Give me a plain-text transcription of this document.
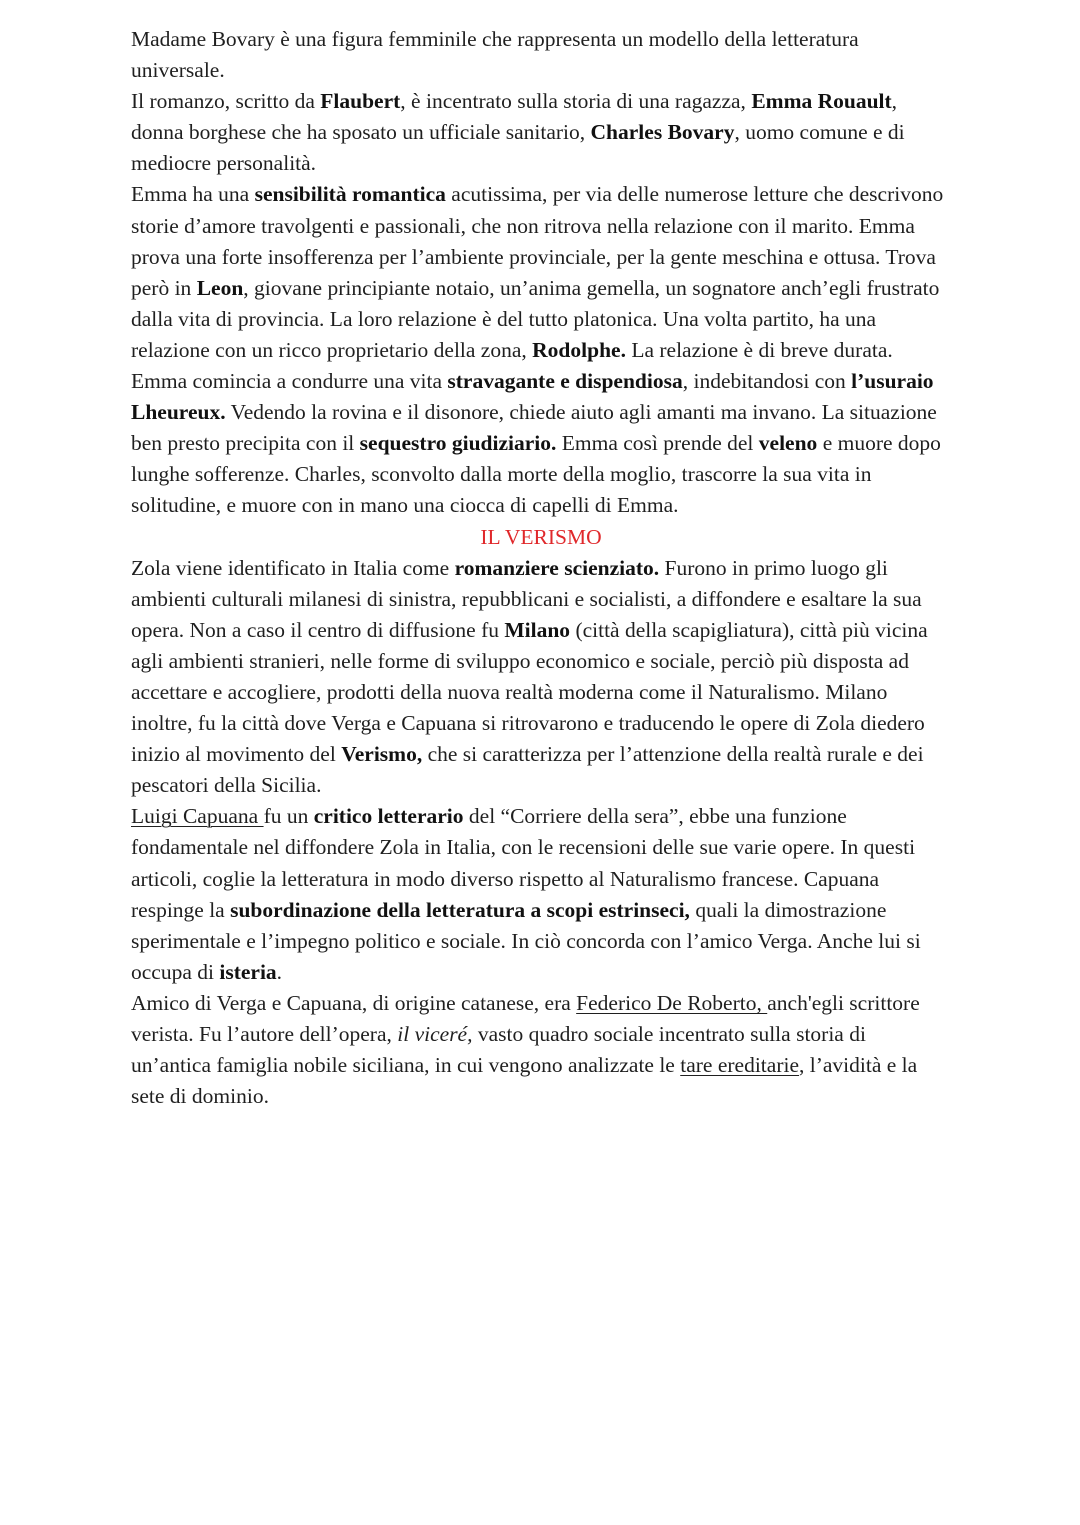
Madame Bovary è una figura femminile che rappresenta un modello della letteratura universale.

Il romanzo, scritto da Flaubert, è incentrato sulla storia di una ragazza, Emma Rouault, donna borghese che ha sposato un ufficiale sanitario, Charles Bovary, uomo comune e di mediocre personalità.

Emma ha una sensibilità romantica acutissima, per via delle numerose letture che descrivono storie d’amore travolgenti e passionali, che non ritrova nella relazione con il marito. Emma prova una forte insofferenza per l’ambiente provinciale, per la gente meschina e ottusa. Trova però in Leon, giovane principiante notaio, un’anima gemella, un sognatore anch’egli frustrato dalla vita di provincia. La loro relazione è del tutto platonica. Una volta partito, ha una relazione con un ricco proprietario della zona, Rodolphe. La relazione è di breve durata. Emma comincia a condurre una vita stravagante e dispendiosa, indebitandosi con l’usuraio Lheureux. Vedendo la rovina e il disonore, chiede aiuto agli amanti ma invano. La situazione ben presto precipita con il sequestro giudiziario. Emma così prende del veleno e muore dopo lunghe sofferenze. Charles, sconvolto dalla morte della moglio, trascorre la sua vita in solitudine, e muore con in mano una ciocca di capelli di Emma.

IL VERISMO

Zola viene identificato in Italia come romanziere scienziato. Furono in primo luogo gli ambienti culturali milanesi di sinistra, repubblicani e socialisti, a diffondere e esaltare la sua opera. Non a caso il centro di diffusione fu Milano (città della scapigliatura), città più vicina agli ambienti stranieri, nelle forme di sviluppo economico e sociale, perciò più disposta ad accettare e accogliere, prodotti della nuova realtà moderna come il Naturalismo. Milano inoltre, fu la città dove Verga e Capuana si ritrovarono e traducendo le opere di Zola diedero inizio al movimento del Verismo, che si caratterizza per l’attenzione della realtà rurale e dei pescatori della Sicilia.

Luigi Capuana fu un critico letterario del “Corriere della sera”, ebbe una funzione fondamentale nel diffondere Zola in Italia, con le recensioni delle sue varie opere. In questi articoli, coglie la letteratura in modo diverso rispetto al Naturalismo francese. Capuana respinge la subordinazione della letteratura a scopi estrinseci, quali la dimostrazione sperimentale e l’impegno politico e sociale. In ciò concorda con l’amico Verga. Anche lui si occupa di isteria.

Amico di Verga e Capuana, di origine catanese, era Federico De Roberto, anch'egli scrittore verista. Fu l’autore dell’opera, il viceré, vasto quadro sociale incentrato sulla storia di un’antica famiglia nobile siciliana, in cui vengono analizzate le tare ereditarie, l’avidità e la sete di dominio.
